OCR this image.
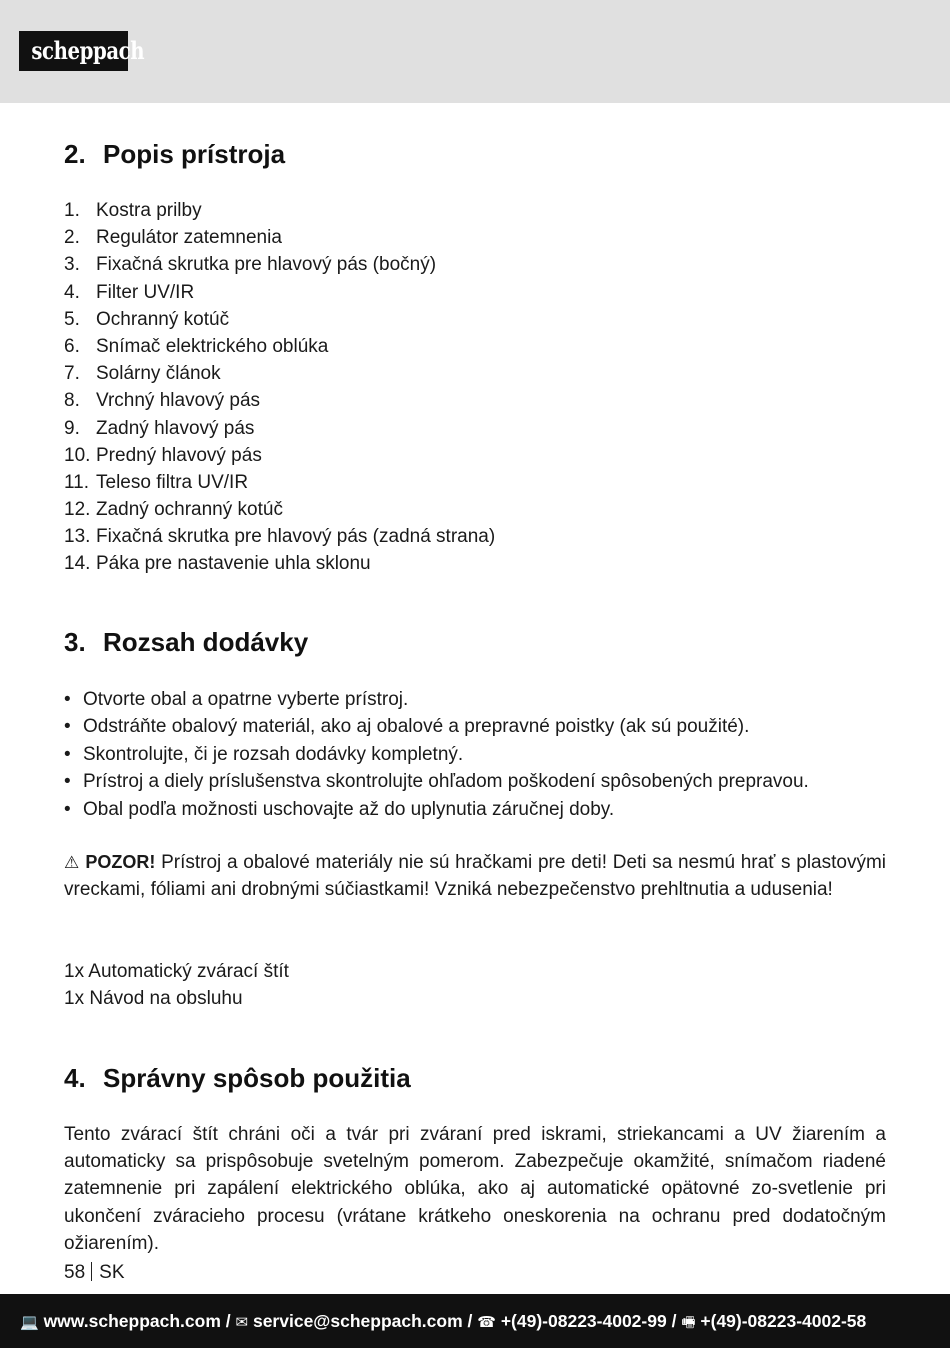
scheppach
2. Popis prístroja
1. Kostra prilby
2. Regulátor zatemnenia
3. Fixačná skrutka pre hlavový pás (bočný)
4. Filter UV/IR
5. Ochranný kotúč
6. Snímač elektrického oblúka
7. Solárny článok
8. Vrchný hlavový pás
9. Zadný hlavový pás
10. Predný hlavový pás
11. Teleso filtra UV/IR
12. Zadný ochranný kotúč
13. Fixačná skrutka pre hlavový pás (zadná strana)
14. Páka pre nastavenie uhla sklonu
3. Rozsah dodávky
• Otvorte obal a opatrne vyberte prístroj.
• Odstráňte obalový materiál, ako aj obalové a prepravné poistky (ak sú použité).
• Skontrolujte, či je rozsah dodávky kompletný.
• Prístroj a diely príslušenstva skontrolujte ohľadom poškodení spôsobených prepravou.
• Obal podľa možnosti uschovajte až do uplynutia záručnej doby.

⚠ POZOR! Prístroj a obalové materiály nie sú hračkami pre deti! Deti sa nesmú hrať s plastovými vreckami, fóliami ani drobnými súčiastkami! Vzniká nebezpečenstvo prehltnutia a udusenia!

1x Automatický zvárací štít
1x Návod na obsluhu
4. Správny spôsob použitia

Tento zvárací štít chráni oči a tvár pri zváraní pred iskrami, striekancami a UV žiarením a automaticky sa prispôsobuje svetelným pomerom. Zabezpečuje okamžité, snímačom riadené zatemnenie pri zapálení elektrického oblúka, ako aj automatické opätovné zo-svetlenie pri ukončení zváracieho procesu (vrátane krátkeho oneskorenia na ochranu pred dodatočným ožiarením).

58 SK
💻 www.scheppach.com / ✉ service@scheppach.com / ☎ +(49)-08223-4002-99 / 🖷 +(49)-08223-4002-58
